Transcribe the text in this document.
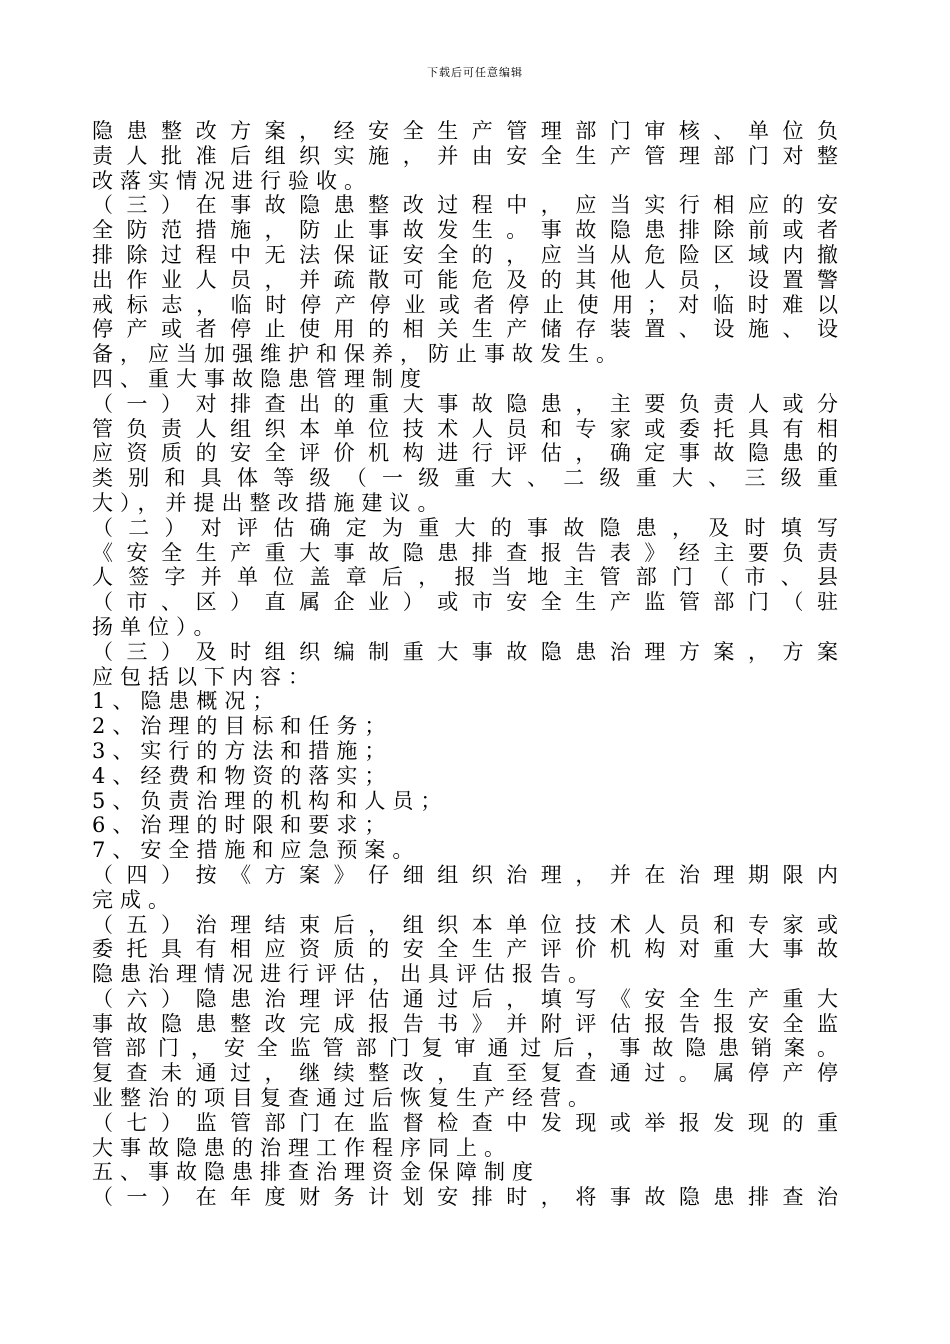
下载后可任意编辑
隐 患 整 改 方 案 ， 经 安 全 生 产 管 理 部 门 审 核 、 单 位 负
责 人 批 准 后 组 织 实 施 ， 并 由 安 全 生 产 管 理 部 门 对 整
改落实情况进行验收。
（ 三 ） 在 事 故 隐 患 整 改 过 程 中 ， 应 当 实 行 相 应 的 安
全 防 范 措 施 ， 防 止 事 故 发 生 。 事 故 隐 患 排 除 前 或 者
排 除 过 程 中 无 法 保 证 安 全 的 ， 应 当 从 危 险 区 域 内 撤
出 作 业 人 员 ， 并 疏 散 可 能 危 及 的 其 他 人 员 ， 设 置 警
戒 标 志 ， 临 时 停 产 停 业 或 者 停 止 使 用 ； 对 临 时 难 以
停 产 或 者 停 止 使 用 的 相 关 生 产 储 存 装 置 、 设 施 、 设
备，应当加强维护和保养，防止事故发生。
四、重大事故隐患管理制度
（ 一 ） 对 排 查 出 的 重 大 事 故 隐 患 ， 主 要 负 责 人 或 分
管 负 责 人 组 织 本 单 位 技 术 人 员 和 专 家 或 委 托 具 有 相
应 资 质 的 安 全 评 价 机 构 进 行 评 估 ， 确 定 事 故 隐 患 的
类 别 和 具 体 等 级 （ 一 级 重 大 、 二 级 重 大 、 三 级 重
大），并提出整改措施建议。
（ 二 ） 对 评 估 确 定 为 重 大 的 事 故 隐 患 ， 及 时 填 写
《 安 全 生 产 重 大 事 故 隐 患 排 查 报 告 表 》 经 主 要 负 责
人 签 字 并 单 位 盖 章 后 ， 报 当 地 主 管 部 门 （ 市 、 县
（ 市 、 区 ） 直 属 企 业 ） 或 市 安 全 生 产 监 管 部 门 （ 驻
扬单位）。
（ 三 ） 及 时 组 织 编 制 重 大 事 故 隐 患 治 理 方 案 ， 方 案
应包括以下内容：
1、隐患概况；
2、治理的目标和任务；
3、实行的方法和措施；
4、经费和物资的落实；
5、负责治理的机构和人员；
6、治理的时限和要求；
7、安全措施和应急预案。
（ 四 ） 按 《 方 案 》 仔 细 组 织 治 理 ， 并 在 治 理 期 限 内
完成。
（ 五 ） 治 理 结 束 后 ， 组 织 本 单 位 技 术 人 员 和 专 家 或
委 托 具 有 相 应 资 质 的 安 全 生 产 评 价 机 构 对 重 大 事 故
隐患治理情况进行评估，出具评估报告。
（ 六 ） 隐 患 治 理 评 估 通 过 后 ， 填 写 《 安 全 生 产 重 大
事 故 隐 患 整 改 完 成 报 告 书 》 并 附 评 估 报 告 报 安 全 监
管 部 门 ， 安 全 监 管 部 门 复 审 通 过 后 ， 事 故 隐 患 销 案 。
复 查 未 通 过 ， 继 续 整 改 ， 直 至 复 查 通 过 。 属 停 产 停
业整治的项目复查通过后恢复生产经营。
（ 七 ） 监 管 部 门 在 监 督 检 查 中 发 现 或 举 报 发 现 的 重
大事故隐患的治理工作程序同上。
五、事故隐患排查治理资金保障制度
（ 一 ） 在 年 度 财 务 计 划 安 排 时 ， 将 事 故 隐 患 排 查 治
